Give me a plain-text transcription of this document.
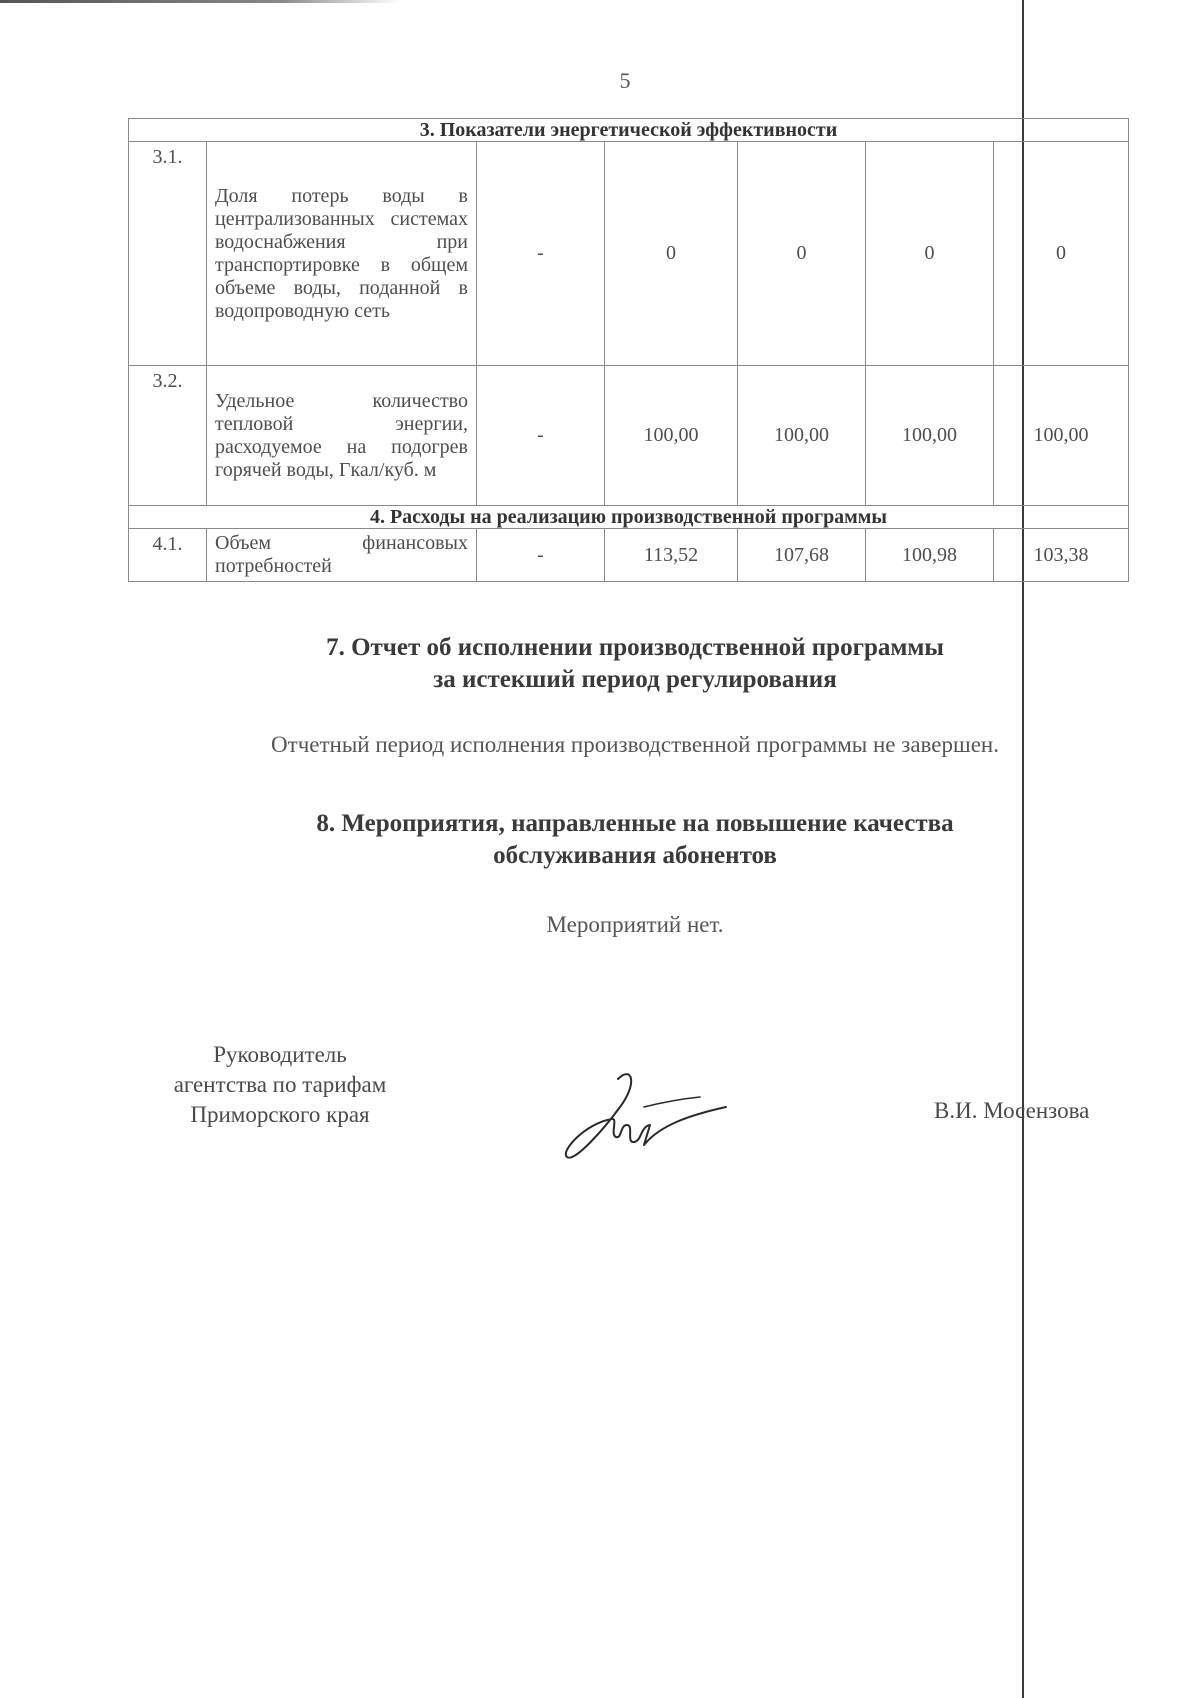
5
3. Показатели энергетической эффективности						
3.1.	Доля потерь воды в централизованных системах водоснабжения при транспортировке в общем объеме воды, поданной в водопроводную сеть	-	0	0	0	0
3.2.	Удельное количество тепловой энергии, расходуемое на подогрев горячей воды, Гкал/куб. м	-	100,00	100,00	100,00	100,00
4. Расходы на реализацию производственной программы						
4.1.	Объем финансовых потребностей	-	113,52	107,68	100,98	103,38
7. Отчет об исполнении производственной программы
за истекший период регулирования
Отчетный период исполнения производственной программы не завершен.
8. Мероприятия, направленные на повышение качества
обслуживания абонентов
Мероприятий нет.
Руководитель
агентства по тарифам
Приморского края	В.И. Мосензова
